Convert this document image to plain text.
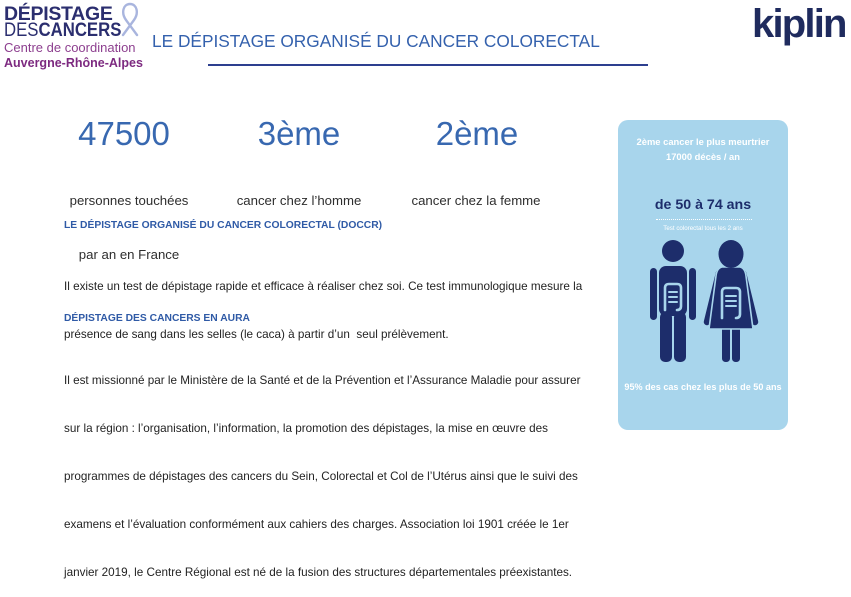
DÉPISTAGE
DESCANCERS
Centre de coordination
Auvergne-Rhône-Alpes
LE DÉPISTAGE ORGANISÉ DU CANCER COLORECTAL	kiplin
47500

personnes touchées

par an en France

3ème

cancer chez l’homme

2ème

cancer chez la femme

LE DÉPISTAGE ORGANISÉ DU CANCER COLORECTAL (DOCCR)

Il existe un test de dépistage rapide et efficace à réaliser chez soi. Ce test immunologique mesure la

présence de sang dans les selles (le caca) à partir d’un  seul prélèvement.

DÉPISTAGE DES CANCERS EN AURA

Il est missionné par le Ministère de la Santé et de la Prévention et l’Assurance Maladie pour assurer

sur la région : l’organisation, l’information, la promotion des dépistages, la mise en œuvre des

programmes de dépistages des cancers du Sein, Colorectal et Col de l’Utérus ainsi que le suivi des

examens et l’évaluation conformément aux cahiers des charges. Association loi 1901 créée le 1er

janvier 2019, le Centre Régional est né de la fusion des structures départementales préexistantes.

2ème cancer le plus meurtrier
17000 décès / an
de 50 à 74 ans
Test colorectal tous les 2 ans
95% des cas chez les plus de 50 ans
